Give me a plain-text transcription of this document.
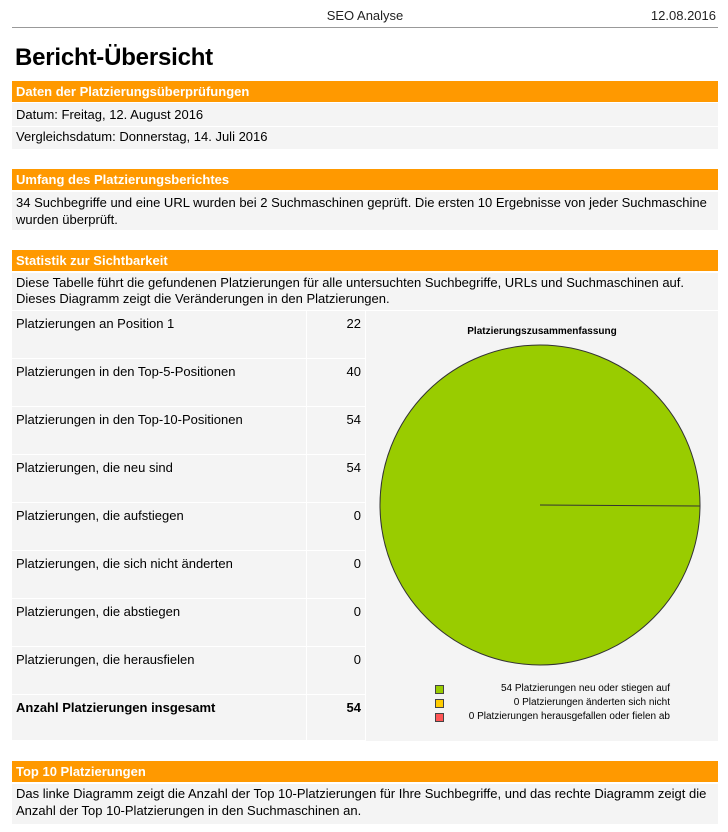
SEO Analyse	12.08.2016
Bericht-Übersicht
Daten der Platzierungsüberprüfungen
Datum: Freitag, 12. August 2016
Vergleichsdatum: Donnerstag, 14. Juli 2016
Umfang des Platzierungsberichtes
34 Suchbegriffe und eine URL wurden bei 2 Suchmaschinen geprüft. Die ersten 10 Ergebnisse von jeder Suchmaschine wurden überprüft.
Statistik zur Sichtbarkeit
Diese Tabelle führt die gefundenen Platzierungen für alle untersuchten Suchbegriffe, URLs und Suchmaschinen auf. Dieses Diagramm zeigt die Veränderungen in den Platzierungen.
Platzierungen an Position 1	22
Platzierungen in den Top-5-Positionen	40
Platzierungen in den Top-10-Positionen	54
Platzierungen, die neu sind	54
Platzierungen, die aufstiegen	0
Platzierungen, die sich nicht änderten	0
Platzierungen, die abstiegen	0
Platzierungen, die herausfielen	0
Anzahl Platzierungen insgesamt	54
Platzierungszusammenfassung
54 Platzierungen neu oder stiegen auf
0 Platzierungen änderten sich nicht
0 Platzierungen herausgefallen oder fielen ab
Top 10 Platzierungen
Das linke Diagramm zeigt die Anzahl der Top 10-Platzierungen für Ihre Suchbegriffe, und das rechte Diagramm zeigt die Anzahl der Top 10-Platzierungen in den Suchmaschinen an.
